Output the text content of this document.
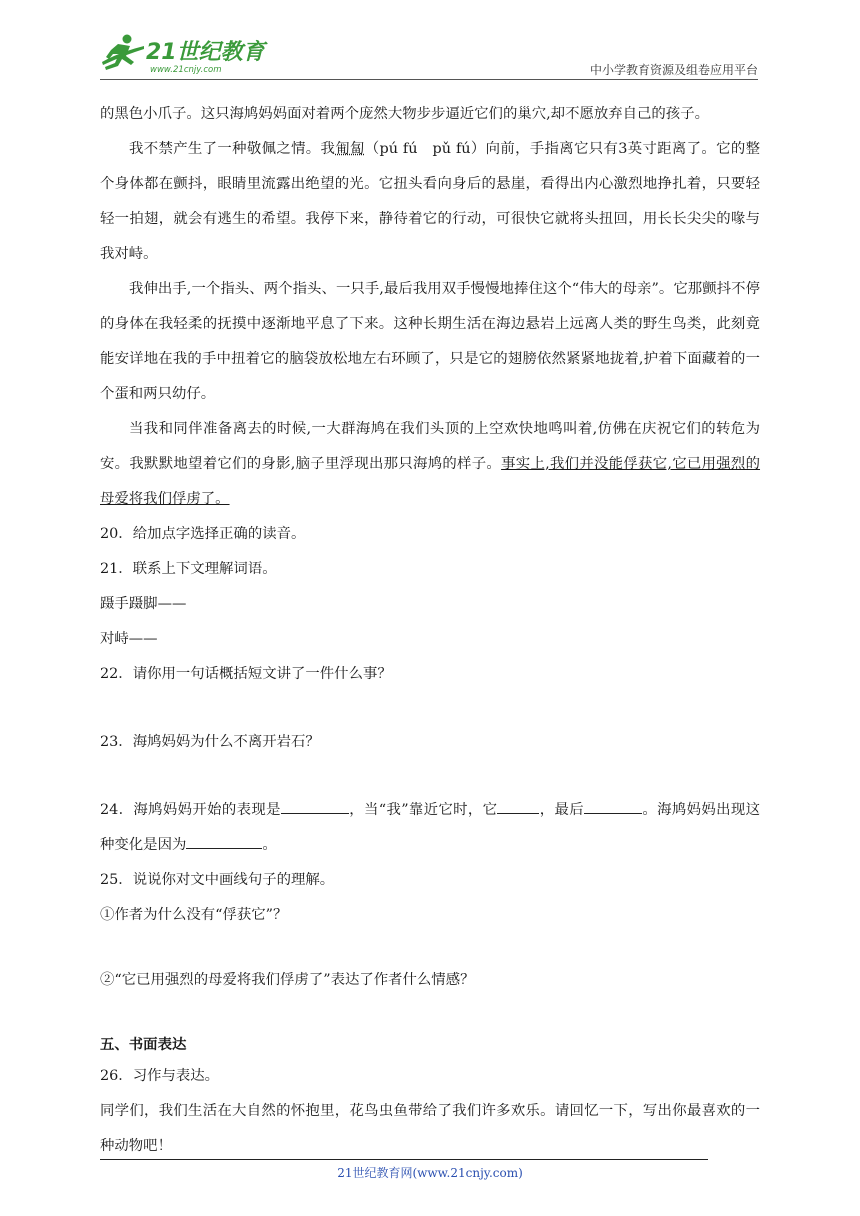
21世纪教育
www.21cnjy.com	中小学教育资源及组卷应用平台

的黑色小爪子。这只海鸠妈妈面对着两个庞然大物步步逼近它们的巢穴,却不愿放弃自己的孩子。

我不禁产生了一种敬佩之情。我匍匐（pú fú　pǔ fú）向前，手指离它只有3英寸距离了。它的整个身体都在颤抖，眼睛里流露出绝望的光。它扭头看向身后的悬崖，看得出内心激烈地挣扎着，只要轻轻一拍翅，就会有逃生的希望。我停下来，静待着它的行动，可很快它就将头扭回，用长长尖尖的喙与我对峙。

我伸出手,一个指头、两个指头、一只手,最后我用双手慢慢地捧住这个“伟大的母亲”。它那颤抖不停的身体在我轻柔的抚摸中逐渐地平息了下来。这种长期生活在海边悬岩上远离人类的野生鸟类，此刻竟能安详地在我的手中扭着它的脑袋放松地左右环顾了，只是它的翅膀依然紧紧地拢着,护着下面藏着的一个蛋和两只幼仔。

当我和同伴准备离去的时候,一大群海鸠在我们头顶的上空欢快地鸣叫着,仿佛在庆祝它们的转危为安。我默默地望着它们的身影,脑子里浮现出那只海鸠的样子。事实上,我们并没能俘获它,它已用强烈的母爱将我们俘虏了。

20．给加点字选择正确的读音。

21．联系上下文理解词语。

蹑手蹑脚——

对峙——

22．请你用一句话概括短文讲了一件什么事？

23．海鸠妈妈为什么不离开岩石？

24．海鸠妈妈开始的表现是	，当“我”靠近它时，它	，最后	。海鸠妈妈出现这种变化是因为	。

25．说说你对文中画线句子的理解。

①作者为什么没有“俘获它”？

②“它已用强烈的母爱将我们俘虏了”表达了作者什么情感？

五、书面表达

26．习作与表达。

同学们，我们生活在大自然的怀抱里，花鸟虫鱼带给了我们许多欢乐。请回忆一下，写出你最喜欢的一种动物吧！

21世纪教育网(www.21cnjy.com)
